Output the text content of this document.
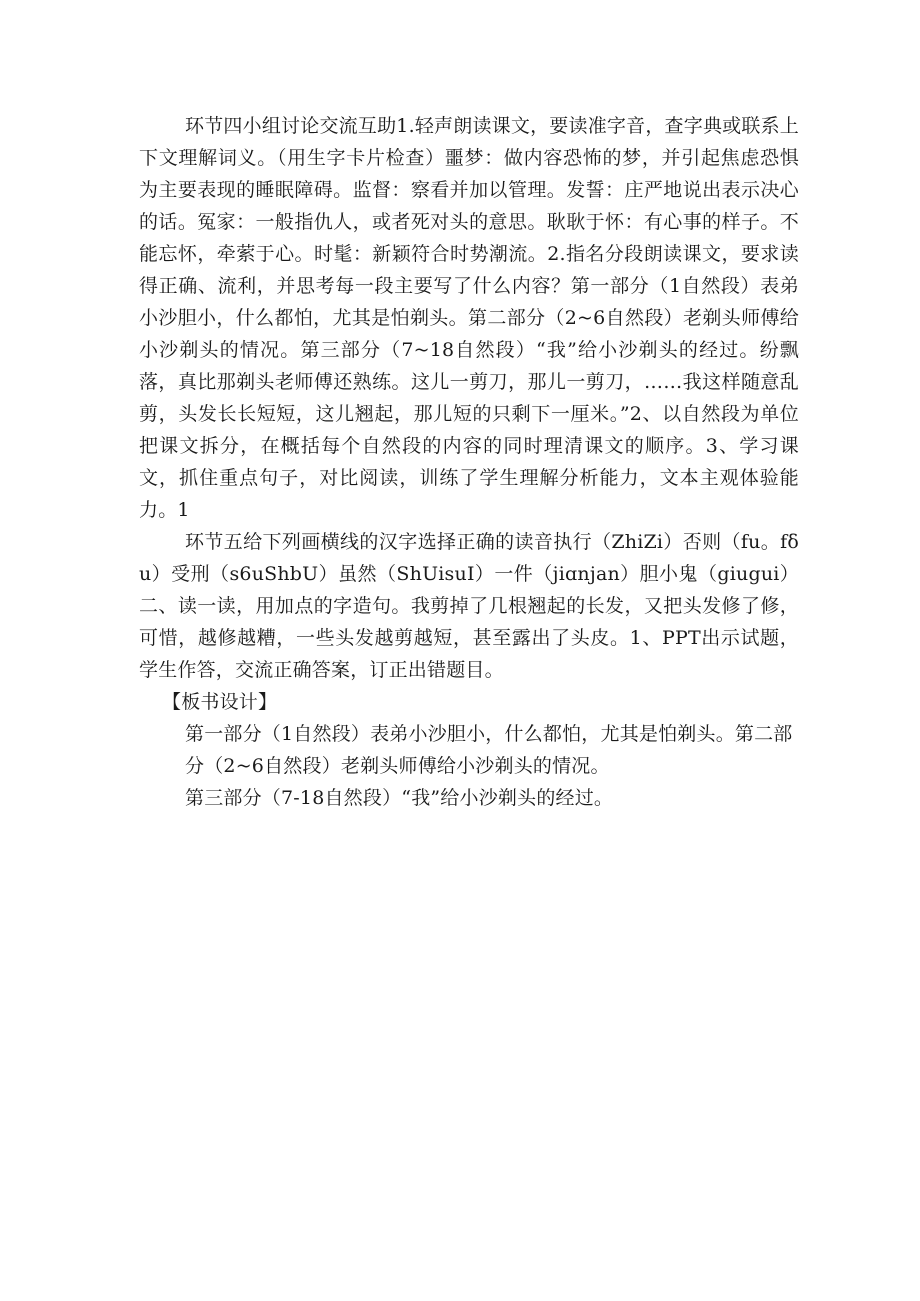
环节四小组讨论交流互助1.轻声朗读课文，要读准字音，查字典或联系上下文理解词义。（用生字卡片检查）噩梦：做内容恐怖的梦，并引起焦虑恐惧为主要表现的睡眠障碍。监督：察看并加以管理。发誓：庄严地说出表示决心的话。冤家：一般指仇人，或者死对头的意思。耿耿于怀：有心事的样子。不能忘怀，牵萦于心。时髦：新颖符合时势潮流。2.指名分段朗读课文，要求读得正确、流利，并思考每一段主要写了什么内容？第一部分（1自然段）表弟小沙胆小，什么都怕，尤其是怕剃头。第二部分（2~6自然段）老剃头师傅给小沙剃头的情况。第三部分（7~18自然段）“我”给小沙剃头的经过。纷飘落，真比那剃头老师傅还熟练。这儿一剪刀，那儿一剪刀，……我这样随意乱剪，头发长长短短，这儿翘起，那儿短的只剩下一厘米。”2、以自然段为单位把课文拆分，在概括每个自然段的内容的同时理清课文的顺序。3、学习课文，抓住重点句子，对比阅读，训练了学生理解分析能力，文本主观体验能力。1

环节五给下列画横线的汉字选择正确的读音执行（ZhiZi）否则（fu。fδu）受刑（s6uShbU）虽然（ShUisuI）一件（jiɑnjan）胆小鬼（giugui）二、读一读，用加点的字造句。我剪掉了几根翘起的长发，又把头发修了修，可惜，越修越糟，一些头发越剪越短，甚至露出了头皮。1、PPT出示试题，学生作答，交流正确答案，订正出错题目。

【板书设计】

第一部分（1自然段）表弟小沙胆小，什么都怕，尤其是怕剃头。第二部分（2~6自然段）老剃头师傅给小沙剃头的情况。

第三部分（7-18自然段）“我”给小沙剃头的经过。
